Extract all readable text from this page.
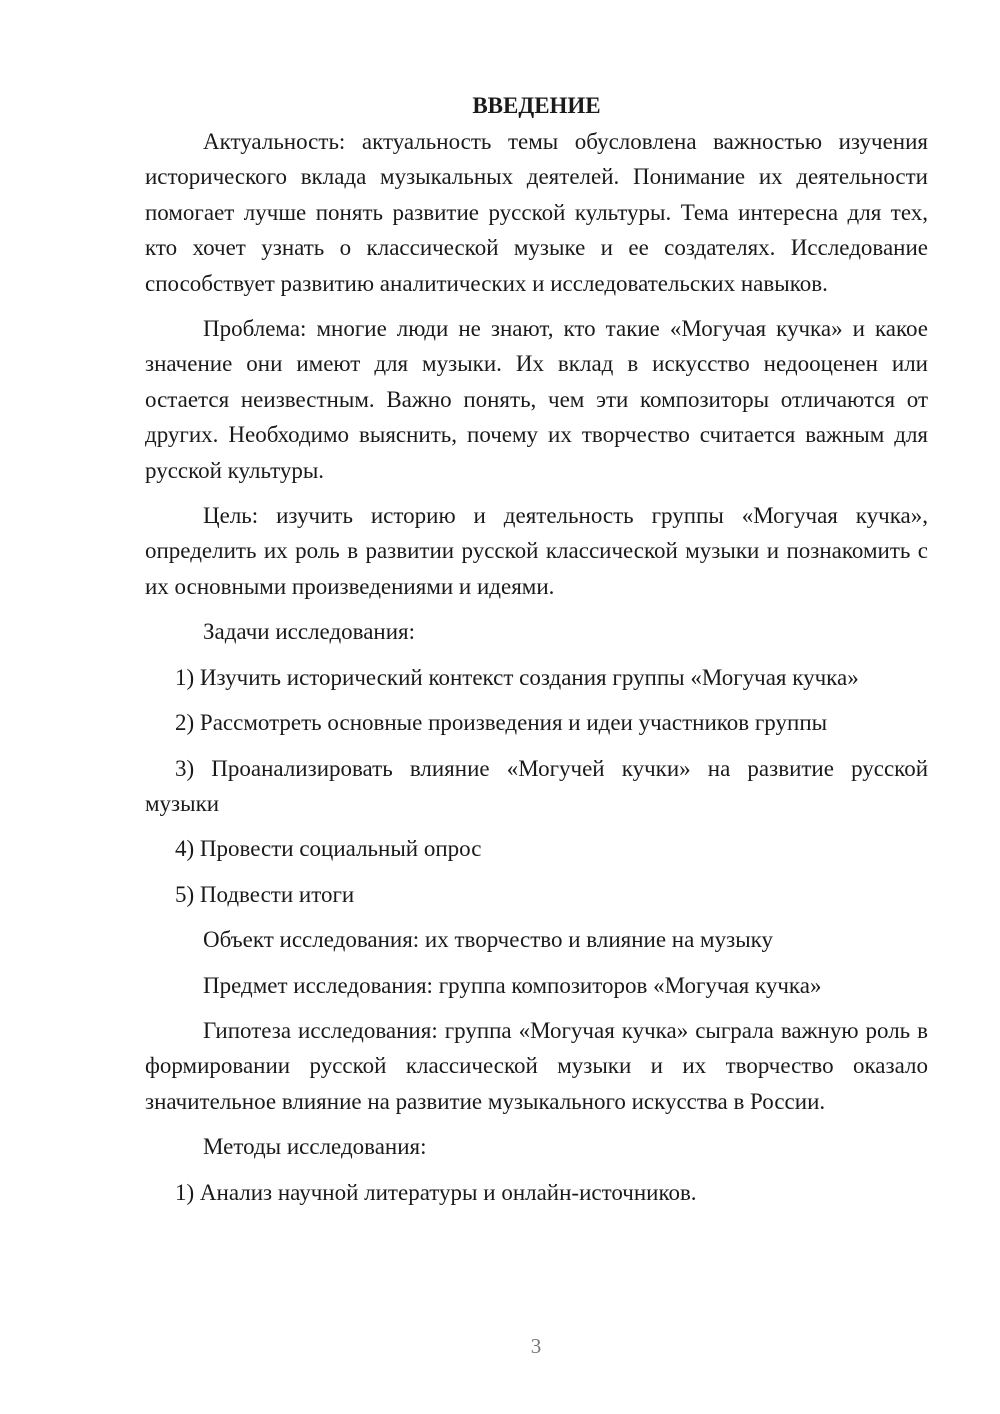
ВВЕДЕНИЕ

Актуальность: актуальность темы обусловлена важностью изучения исторического вклада музыкальных деятелей. Понимание их деятельности помогает лучше понять развитие русской культуры. Тема интересна для тех, кто хочет узнать о классической музыке и ее создателях. Исследование способствует развитию аналитических и исследовательских навыков.

Проблема: многие люди не знают, кто такие «Могучая кучка» и какое значение они имеют для музыки. Их вклад в искусство недооценен или остается неизвестным. Важно понять, чем эти композиторы отличаются от других. Необходимо выяснить, почему их творчество считается важным для русской культуры.

Цель: изучить историю и деятельность группы «Могучая кучка», определить их роль в развитии русской классической музыки и познакомить с их основными произведениями и идеями.

Задачи исследования:

1) Изучить исторический контекст создания группы «Могучая кучка»

2) Рассмотреть основные произведения и идеи участников группы

3) Проанализировать влияние «Могучей кучки» на развитие русской музыки

4) Провести социальный опрос

5) Подвести итоги

Объект исследования: их творчество и влияние на музыку

Предмет исследования: группа композиторов «Могучая кучка»

Гипотеза исследования: группа «Могучая кучка» сыграла важную роль в формировании русской классической музыки и их творчество оказало значительное влияние на развитие музыкального искусства в России.

Методы исследования:

1) Анализ научной литературы и онлайн-источников.

3
